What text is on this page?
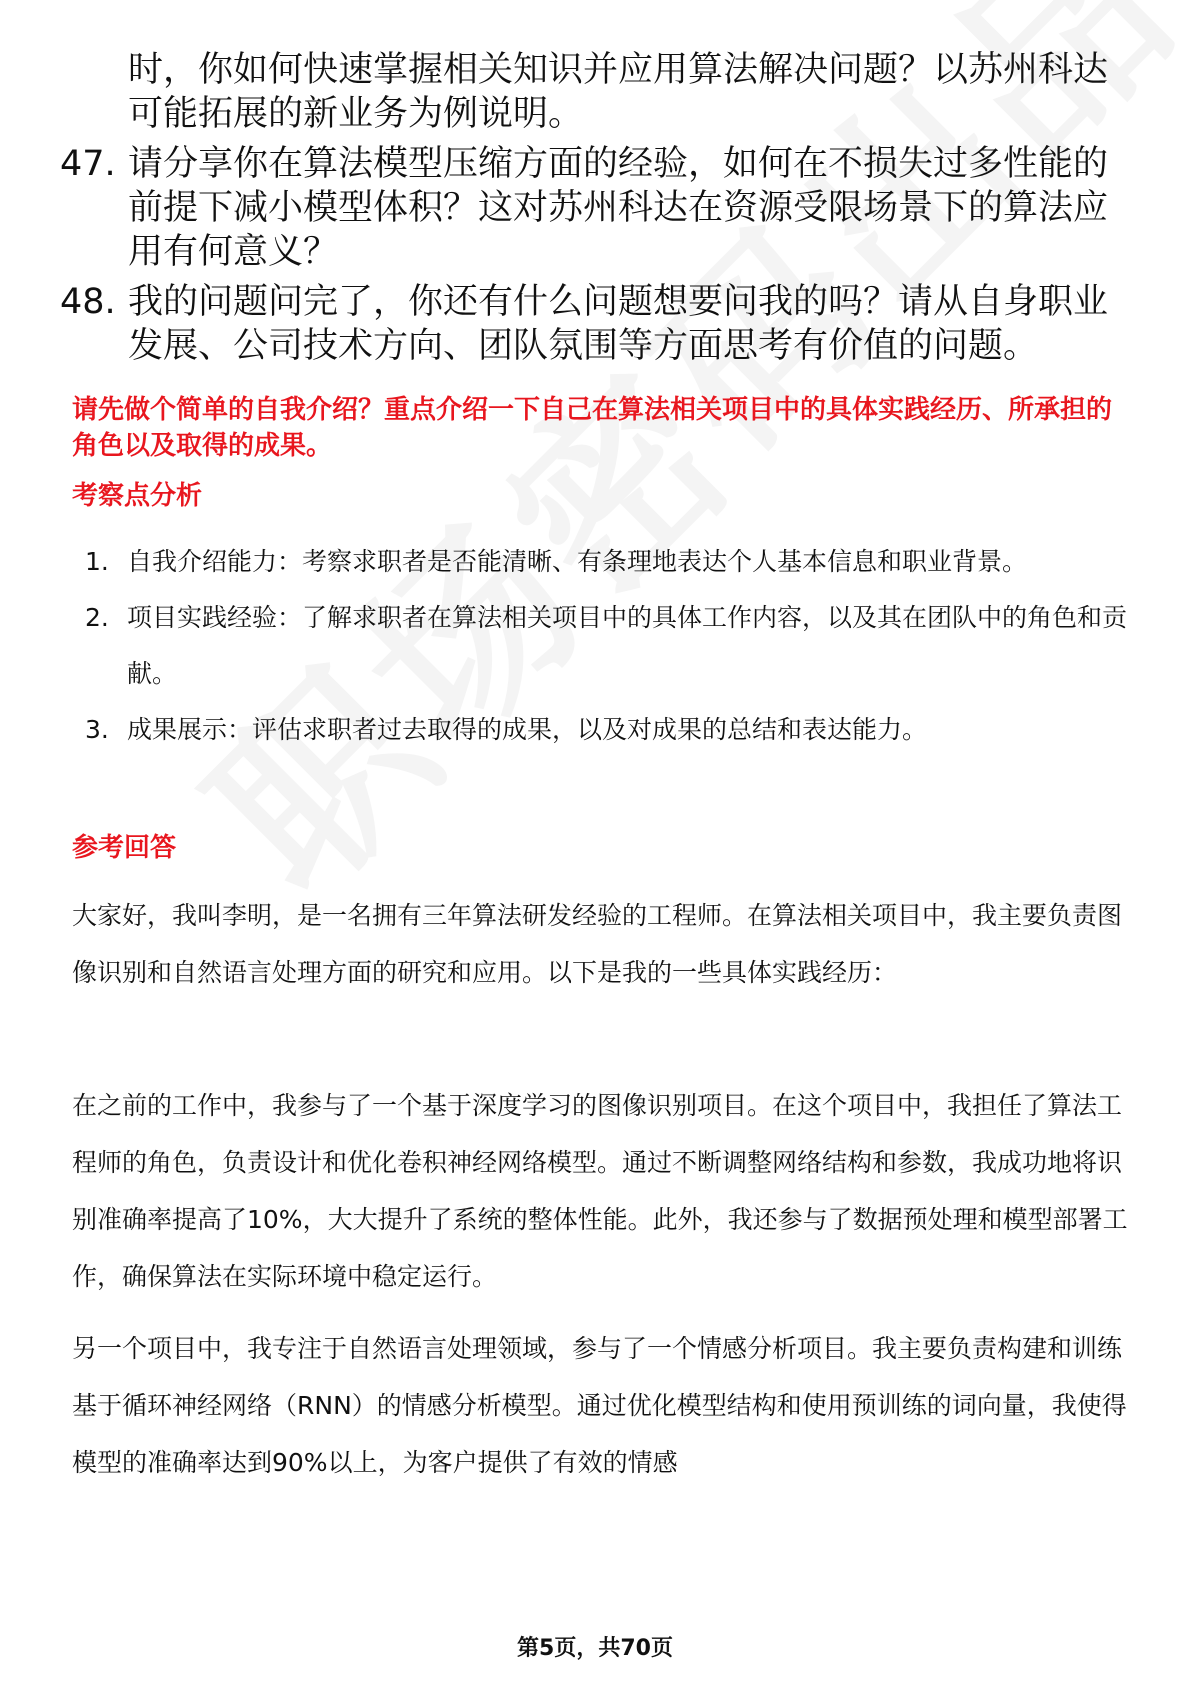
时，你如何快速掌握相关知识并应用算法解决问题？以苏州科达可能拓展的新业务为例说明。
47. 请分享你在算法模型压缩方面的经验，如何在不损失过多性能的前提下减小模型体积？这对苏州科达在资源受限场景下的算法应用有何意义？
48. 我的问题问完了，你还有什么问题想要问我的吗？请从自身职业发展、公司技术方向、团队氛围等方面思考有价值的问题。
请先做个简单的自我介绍？重点介绍一下自己在算法相关项目中的具体实践经历、所承担的角色以及取得的成果。
考察点分析
1. 自我介绍能力：考察求职者是否能清晰、有条理地表达个人基本信息和职业背景。
2. 项目实践经验：了解求职者在算法相关项目中的具体工作内容，以及其在团队中的角色和贡献。
3. 成果展示：评估求职者过去取得的成果，以及对成果的总结和表达能力。
参考回答
大家好，我叫李明，是一名拥有三年算法研发经验的工程师。在算法相关项目中，我主要负责图像识别和自然语言处理方面的研究和应用。以下是我的一些具体实践经历：
在之前的工作中，我参与了一个基于深度学习的图像识别项目。在这个项目中，我担任了算法工程师的角色，负责设计和优化卷积神经网络模型。通过不断调整网络结构和参数，我成功地将识别准确率提高了10%，大大提升了系统的整体性能。此外，我还参与了数据预处理和模型部署工作，确保算法在实际环境中稳定运行。
另一个项目中，我专注于自然语言处理领域，参与了一个情感分析项目。我主要负责构建和训练基于循环神经网络（RNN）的情感分析模型。通过优化模型结构和使用预训练的词向量，我使得模型的准确率达到90%以上，为客户提供了有效的情感
第5页，共70页
